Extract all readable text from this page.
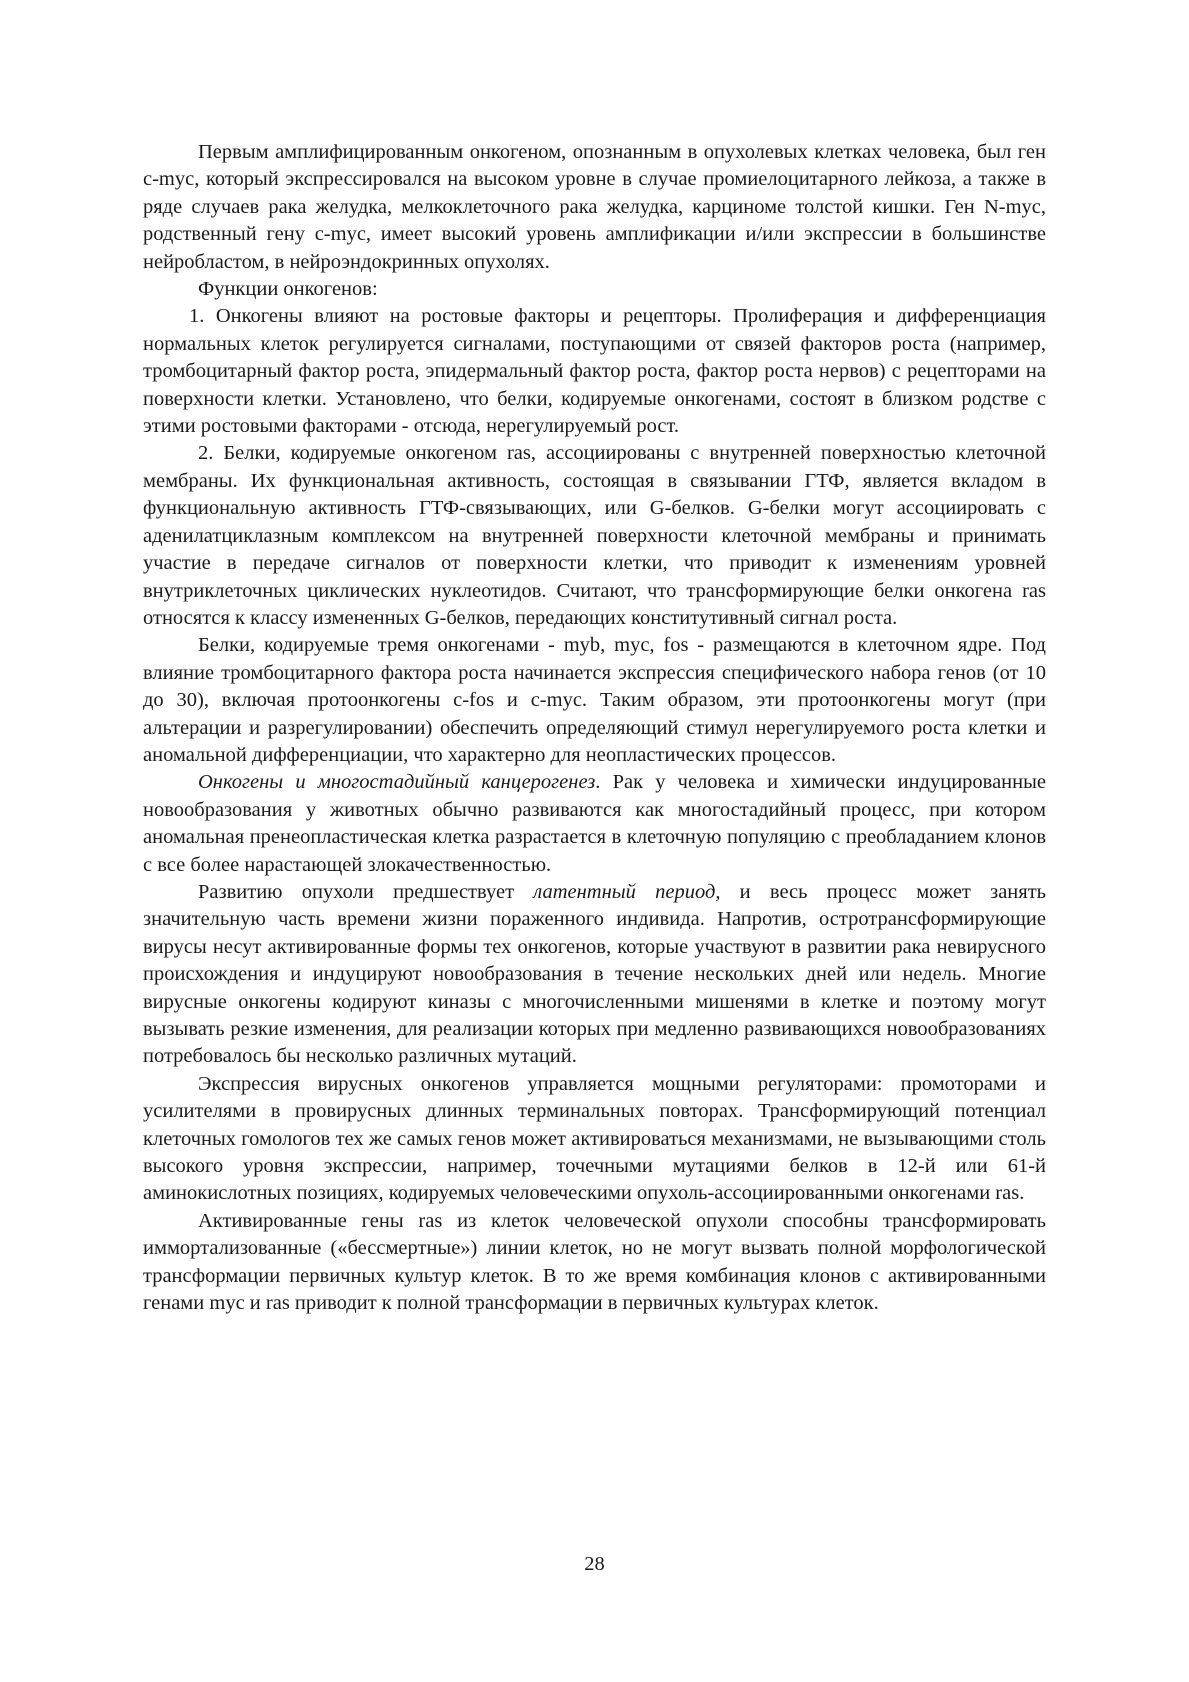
Первым амплифицированным онкогеном, опознанным в опухолевых клетках человека, был ген c-myc, который экспрессировался на высоком уровне в случае промиелоцитарного лейкоза, а также в ряде случаев рака желудка, мелкоклеточного рака желудка, карциноме толстой кишки. Ген N-myc, родственный гену c-myc, имеет высокий уровень амплификации и/или экспрессии в большинстве нейробластом, в нейроэндокринных опухолях.

Функции онкогенов:

1. Онкогены влияют на ростовые факторы и рецепторы. Пролиферация и дифференциация нормальных клеток регулируется сигналами, поступающими от связей факторов роста (например, тромбоцитарный фактор роста, эпидермальный фактор роста, фактор роста нервов) с рецепторами на поверхности клетки. Установлено, что белки, кодируемые онкогенами, состоят в близком родстве с этими ростовыми факторами - отсюда, нерегулируемый рост.

2. Белки, кодируемые онкогеном ras, ассоциированы с внутренней поверхностью клеточной мембраны. Их функциональная активность, состоящая в связывании ГТФ, является вкладом в функциональную активность ГТФ-связывающих, или G-белков. G-белки могут ассоциировать с аденилатциклазным комплексом на внутренней поверхности клеточной мембраны и принимать участие в передаче сигналов от поверхности клетки, что приводит к изменениям уровней внутриклеточных циклических нуклеотидов. Считают, что трансформирующие белки онкогена ras относятся к классу измененных G-белков, передающих конститутивный сигнал роста.

Белки, кодируемые тремя онкогенами - myb, myc, fos - размещаются в клеточном ядре. Под влияние тромбоцитарного фактора роста начинается экспрессия специфического набора генов (от 10 до 30), включая протоонкогены c-fos и c-myc. Таким образом, эти протоонкогены могут (при альтерации и разрегулировании) обеспечить определяющий стимул нерегулируемого роста клетки и аномальной дифференциации, что характерно для неопластических процессов.

Онкогены и многостадийный канцерогенез. Рак у человека и химически индуцированные новообразования у животных обычно развиваются как многостадийный процесс, при котором аномальная пренеопластическая клетка разрастается в клеточную популяцию с преобладанием клонов с все более нарастающей злокачественностью.

Развитию опухоли предшествует латентный период, и весь процесс может занять значительную часть времени жизни пораженного индивида. Напротив, остротрансформирующие вирусы несут активированные формы тех онкогенов, которые участвуют в развитии рака невирусного происхождения и индуцируют новообразования в течение нескольких дней или недель. Многие вирусные онкогены кодируют киназы с многочисленными мишенями в клетке и поэтому могут вызывать резкие изменения, для реализации которых при медленно развивающихся новообразованиях потребовалось бы несколько различных мутаций.

Экспрессия вирусных онкогенов управляется мощными регуляторами: промоторами и усилителями в провирусных длинных терминальных повторах. Трансформирующий потенциал клеточных гомологов тех же самых генов может активироваться механизмами, не вызывающими столь высокого уровня экспрессии, например, точечными мутациями белков в 12-й или 61-й аминокислотных позициях, кодируемых человеческими опухоль-ассоциированными онкогенами ras.

Активированные гены ras из клеток человеческой опухоли способны трансформировать иммортализованные («бессмертные») линии клеток, но не могут вызвать полной морфологической трансформации первичных культур клеток. В то же время комбинация клонов с активированными генами myc и ras приводит к полной трансформации в первичных культурах клеток.

28
